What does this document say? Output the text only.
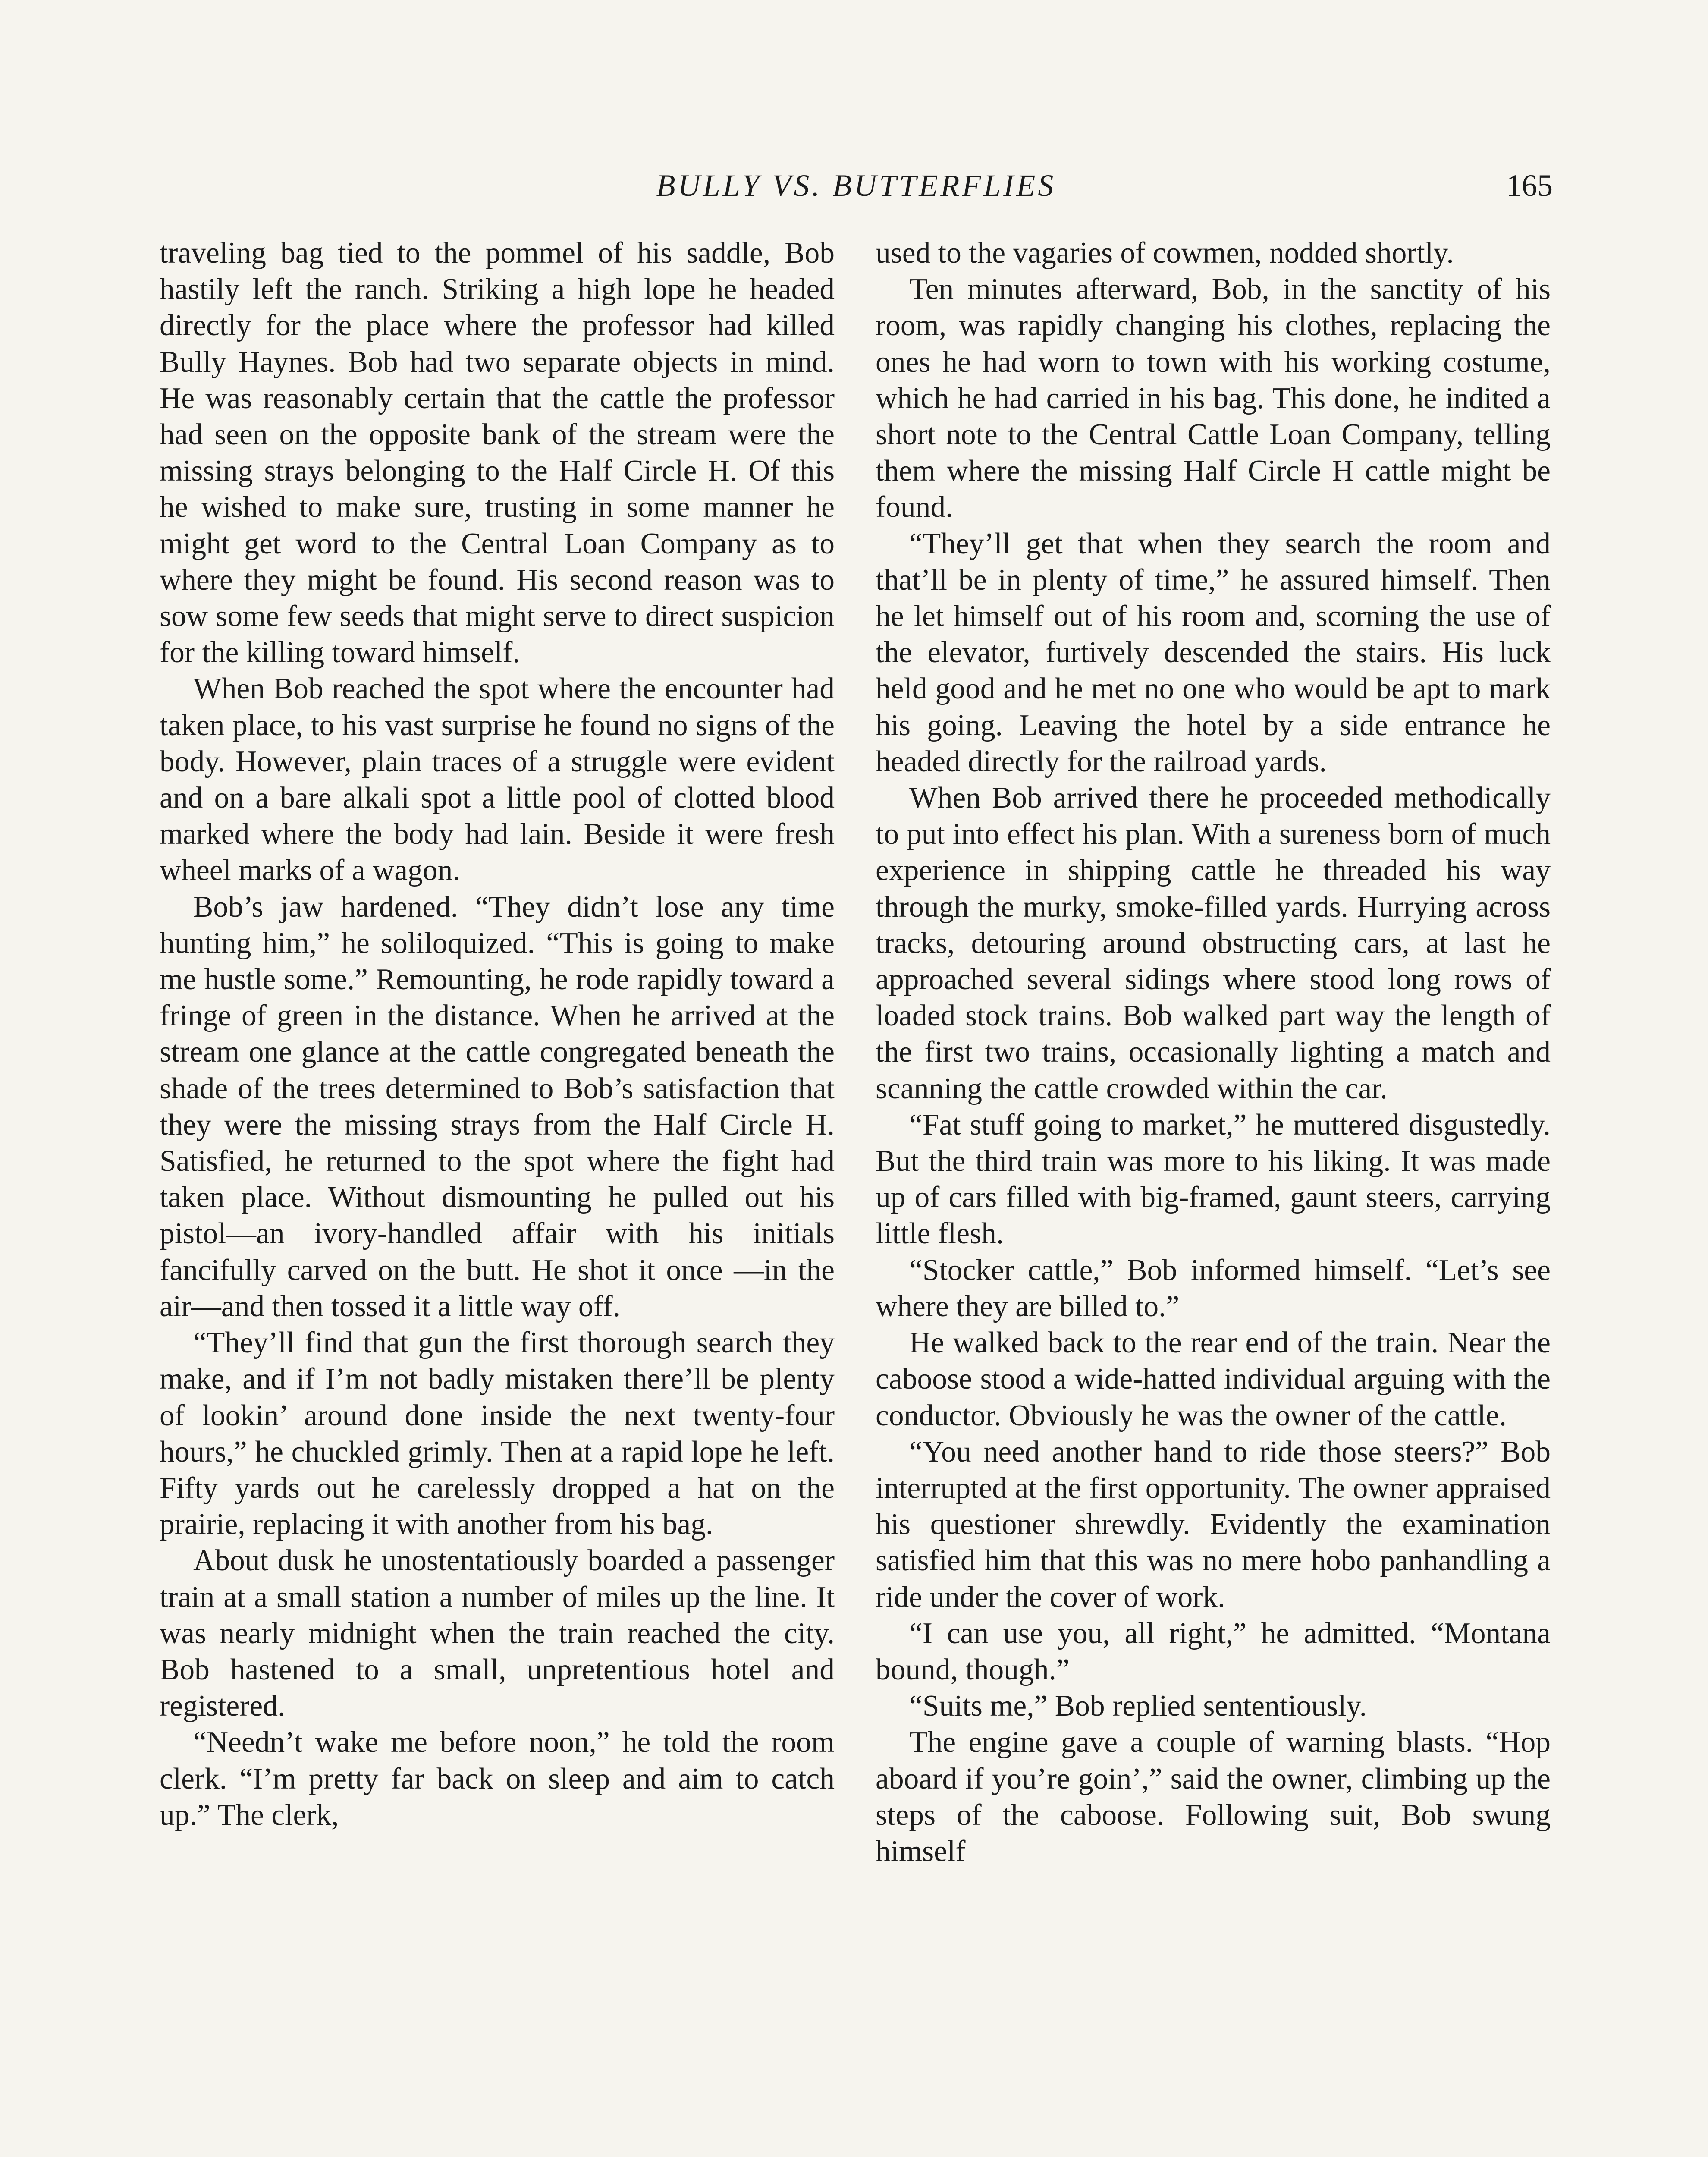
BULLY VS. BUTTERFLIES	165

traveling bag tied to the pommel of his saddle, Bob hastily left the ranch. Striking a high lope he headed directly for the place where the professor had killed Bully Haynes. Bob had two separate objects in mind. He was reasonably certain that the cattle the professor had seen on the opposite bank of the stream were the missing strays belonging to the Half Circle H. Of this he wished to make sure, trusting in some manner he might get word to the Central Loan Company as to where they might be found. His second reason was to sow some few seeds that might serve to direct suspicion for the killing toward himself.

When Bob reached the spot where the encounter had taken place, to his vast surprise he found no signs of the body. However, plain traces of a struggle were evident and on a bare alkali spot a little pool of clotted blood marked where the body had lain. Beside it were fresh wheel marks of a wagon.

Bob’s jaw hardened. “They didn’t lose any time hunting him,” he soliloquized. “This is going to make me hustle some.” Remounting, he rode rapidly toward a fringe of green in the distance. When he arrived at the stream one glance at the cattle congregated beneath the shade of the trees determined to Bob’s satisfaction that they were the missing strays from the Half Circle H. Satisfied, he returned to the spot where the fight had taken place. Without dismounting he pulled out his pistol—an ivory-handled affair with his initials fancifully carved on the butt. He shot it once —in the air—and then tossed it a little way off.

“They’ll find that gun the first thorough search they make, and if I’m not badly mistaken there’ll be plenty of lookin’ around done inside the next twenty-four hours,” he chuckled grimly. Then at a rapid lope he left. Fifty yards out he carelessly dropped a hat on the prairie, replacing it with another from his bag.

About dusk he unostentatiously boarded a passenger train at a small station a number of miles up the line. It was nearly midnight when the train reached the city. Bob hastened to a small, unpretentious hotel and registered.

“Needn’t wake me before noon,” he told the room clerk. “I’m pretty far back on sleep and aim to catch up.” The clerk,

used to the vagaries of cowmen, nodded shortly.

Ten minutes afterward, Bob, in the sanctity of his room, was rapidly changing his clothes, replacing the ones he had worn to town with his working costume, which he had carried in his bag. This done, he indited a short note to the Central Cattle Loan Company, telling them where the missing Half Circle H cattle might be found.

“They’ll get that when they search the room and that’ll be in plenty of time,” he assured himself. Then he let himself out of his room and, scorning the use of the elevator, furtively descended the stairs. His luck held good and he met no one who would be apt to mark his going. Leaving the hotel by a side entrance he headed directly for the railroad yards.

When Bob arrived there he proceeded methodically to put into effect his plan. With a sureness born of much experience in shipping cattle he threaded his way through the murky, smoke-filled yards. Hurrying across tracks, detouring around obstructing cars, at last he approached several sidings where stood long rows of loaded stock trains. Bob walked part way the length of the first two trains, occasionally lighting a match and scanning the cattle crowded within the car.

“Fat stuff going to market,” he muttered disgustedly. But the third train was more to his liking. It was made up of cars filled with big-framed, gaunt steers, carrying little flesh.

“Stocker cattle,” Bob informed himself. “Let’s see where they are billed to.”

He walked back to the rear end of the train. Near the caboose stood a wide-hatted individual arguing with the conductor. Obviously he was the owner of the cattle.

“You need another hand to ride those steers?” Bob interrupted at the first opportunity. The owner appraised his questioner shrewdly. Evidently the examination satisfied him that this was no mere hobo panhandling a ride under the cover of work.

“I can use you, all right,” he admitted. “Montana bound, though.”

“Suits me,” Bob replied sententiously.

The engine gave a couple of warning blasts. “Hop aboard if you’re goin’,” said the owner, climbing up the steps of the caboose. Following suit, Bob swung himself
